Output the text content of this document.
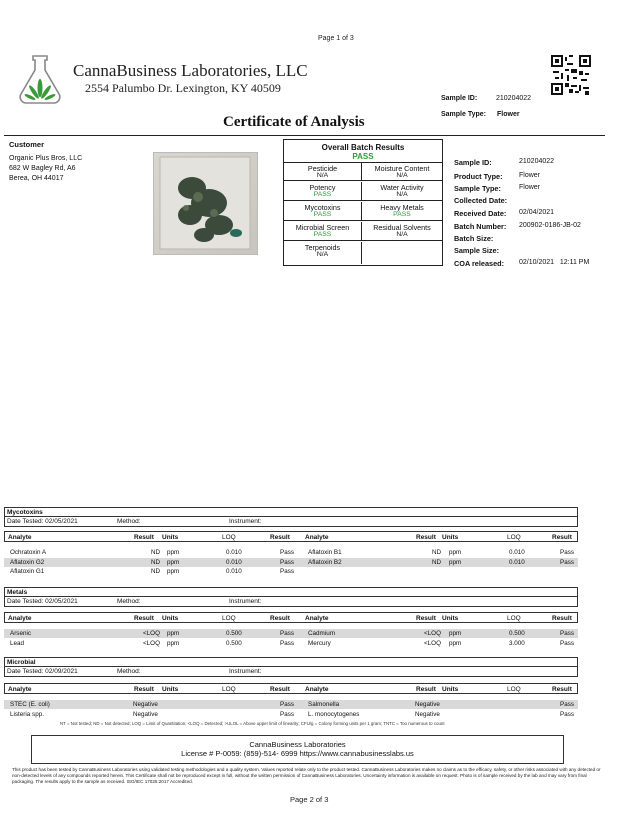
Page 1 of 3
CannaBusiness Laboratories, LLC
2554 Palumbo Dr. Lexington, KY 40509
Sample ID:	210204022
Sample Type: Flower
Certificate of Analysis
Customer
Organic Plus Bros, LLC
682 W Bagley Rd, A6
Berea, OH 44017
Overall Batch Results
PASS
Pesticide
N/A
Moisture Content
N/A
Potency
PASS
Water Activity
N/A
Mycotoxins
PASS
Heavy Metals
PASS
Microbial Screen
PASS
Residual Solvents
N/A
Terpenoids
N/A
Sample ID:	210204022
Product Type: Flower
Sample Type:	Flower
Collected Date:
Received Date: 02/04/2021
Batch Number: 200902-0186-JB-02
Batch Size:
Sample Size:
COA released: 02/10/2021   12:11 PM
Mycotoxins
Date Tested: 02/05/2021	Method:	Instrument:
Analyte	Result Units	LOQ	Result Analyte	Result Units	LOQ	Result
Ochratoxin A	ND ppm	0.010	Pass Aflatoxin B1	ND ppm	0.010	Pass
Aflatoxin G2	ND ppm	0.010	Pass Aflatoxin B2	ND ppm	0.010	Pass
Aflatoxin G1	ND ppm	0.010	Pass
Metals
Date Tested: 02/05/2021	Method:	Instrument:
Analyte	Result Units	LOQ	Result Analyte	Result Units	LOQ	Result
Arsenic	<LOQ ppm	0.500	Pass Cadmium	<LOQ ppm	0.500	Pass
Lead	<LOQ ppm	0.500	Pass Mercury	<LOQ ppm	3.000	Pass
Microbial
Date Tested: 02/09/2021	Method:	Instrument:
Analyte	Result Units	LOQ	Result Analyte	Result Units	LOQ	Result
STEC (E. coli)	Negative	Pass Salmonella	Negative	Pass
Listeria spp.	Negative	Pass L. monocytogenes	Negative	Pass
NT = Not tested; ND = Not detected; LOQ = Limit of Quantitation; <LOQ = Detected; >ULOL = Above upper limit of linearity; CFU/g = Colony forming units per 1 gram; TNTC = Too numerous to count
CannaBusiness Laboratories
License # P-0059: (859)-514- 6999 https://www.cannabusinesslabs.us
This product has been tested by CannaBusiness Laboratories using validated testing methodologies and a quality system. Values reported relate only to the product tested. CannaBusiness Laboratories makes no claims as to the efficacy, safety, or other risks associated with any detected or non-detected levels of any compounds reported herein. This Certificate shall not be reproduced except in full, without the written permission of CannaBusiness Laboratories. Uncertainty information is available on request. Photo is of sample received by the lab and may vary from final packaging. The results apply to the sample as received. ISO/IEC 17025:2017 Accredited.
Page 2 of 3
